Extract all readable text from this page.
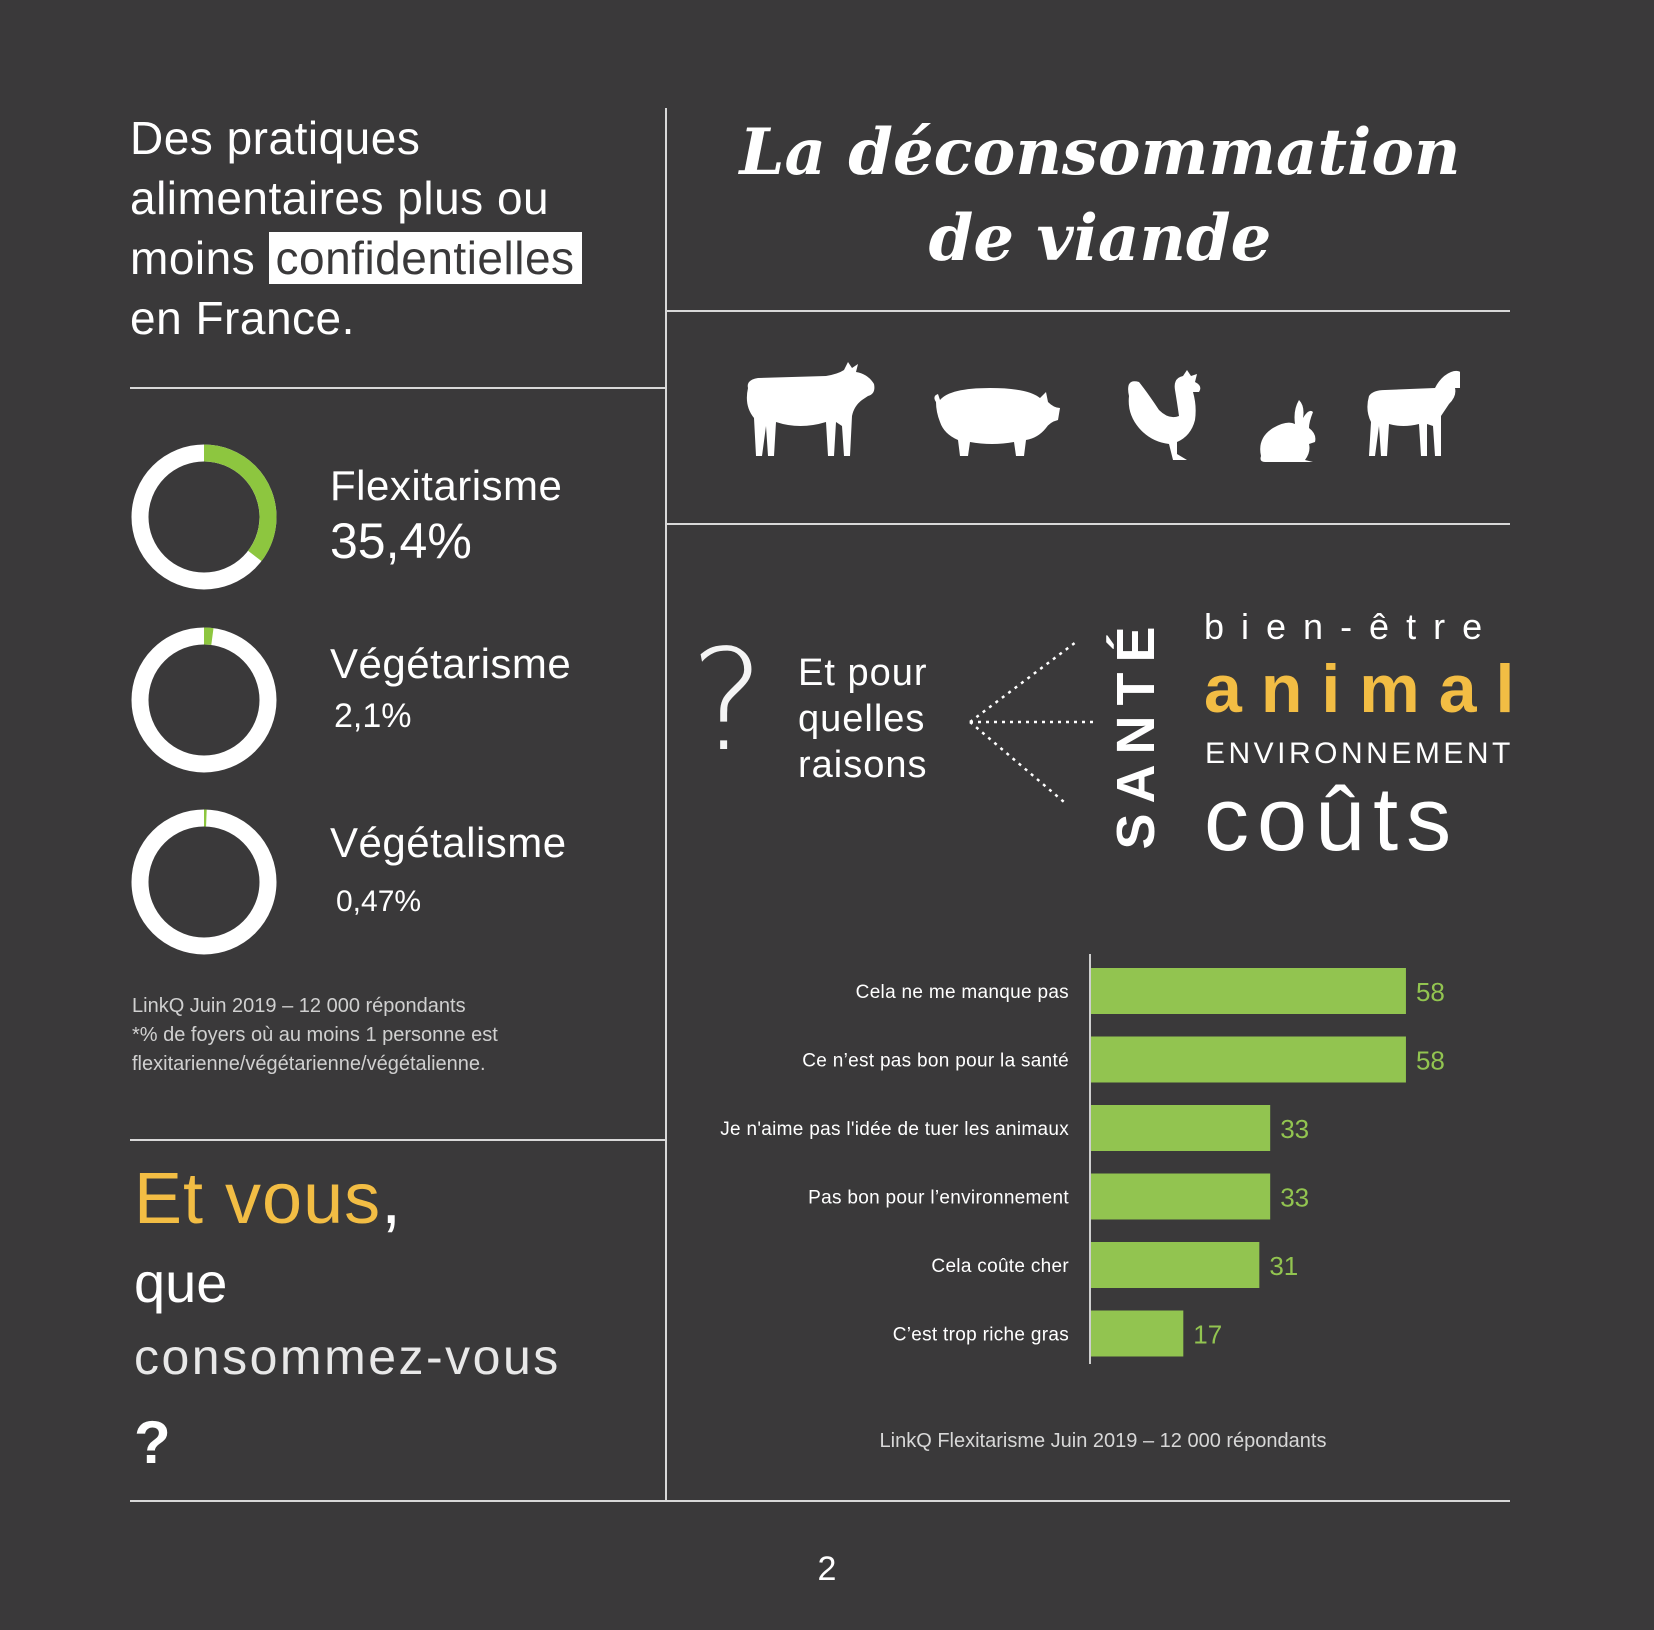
Des pratiques
alimentaires plus ou
moins confidentielles
en France.
Flexitarisme
35,4%
Végétarisme
2,1%
Végétalisme
0,47%
LinkQ Juin 2019 – 12 000 répondants
*% de foyers où au moins 1 personne est
flexitarienne/végétarienne/végétalienne.
Et vous,
que
consommez-vous
?
La déconsommation
de viande
? Et pour
quelles
raisons	SANTÉ bien-être
animal
ENVIRONNEMENT
coûts
Cela ne me manque pas	58
Ce n’est pas bon pour la santé	58
Je n'aime pas l'idée de tuer les animaux	33
Pas bon pour l’environnement	33
Cela coûte cher	31
C’est trop riche gras	17
LinkQ Flexitarisme Juin 2019 – 12 000 répondants
2
